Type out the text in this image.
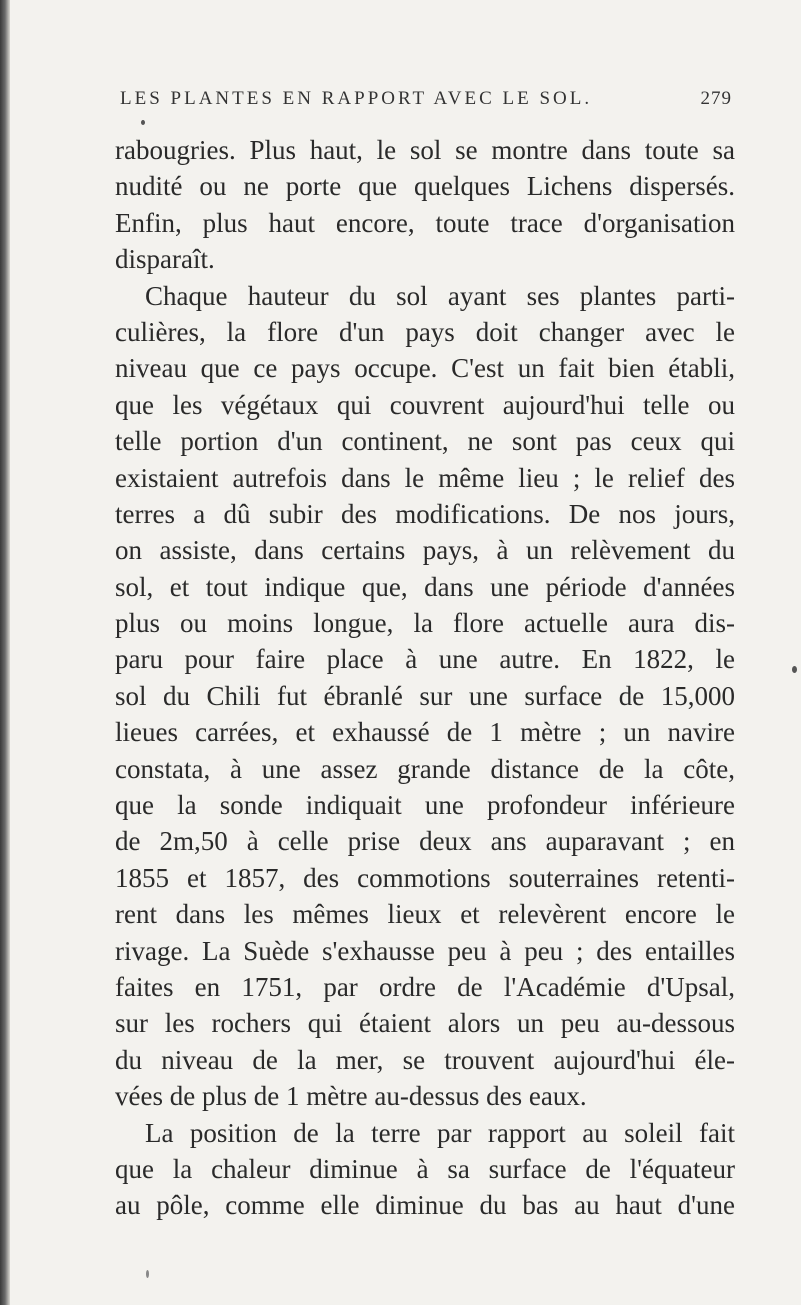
LES PLANTES EN RAPPORT AVEC LE SOL.	279
rabougries. Plus haut, le sol se montre dans toute sa
nudité ou ne porte que quelques Lichens dispersés.
Enfin, plus haut encore, toute trace d'organisation
disparaît.
Chaque hauteur du sol ayant ses plantes parti-
culières, la flore d'un pays doit changer avec le
niveau que ce pays occupe. C'est un fait bien établi,
que les végétaux qui couvrent aujourd'hui telle ou
telle portion d'un continent, ne sont pas ceux qui
existaient autrefois dans le même lieu ; le relief des
terres a dû subir des modifications. De nos jours,
on assiste, dans certains pays, à un relèvement du
sol, et tout indique que, dans une période d'années
plus ou moins longue, la flore actuelle aura dis-
paru pour faire place à une autre. En 1822, le
sol du Chili fut ébranlé sur une surface de 15,000
lieues carrées, et exhaussé de 1 mètre ; un navire
constata, à une assez grande distance de la côte,
que la sonde indiquait une profondeur inférieure
de 2m,50 à celle prise deux ans auparavant ; en
1855 et 1857, des commotions souterraines retenti-
rent dans les mêmes lieux et relevèrent encore le
rivage. La Suède s'exhausse peu à peu ; des entailles
faites en 1751, par ordre de l'Académie d'Upsal,
sur les rochers qui étaient alors un peu au-dessous
du niveau de la mer, se trouvent aujourd'hui éle-
vées de plus de 1 mètre au-dessus des eaux.
La position de la terre par rapport au soleil fait
que la chaleur diminue à sa surface de l'équateur
au pôle, comme elle diminue du bas au haut d'une
